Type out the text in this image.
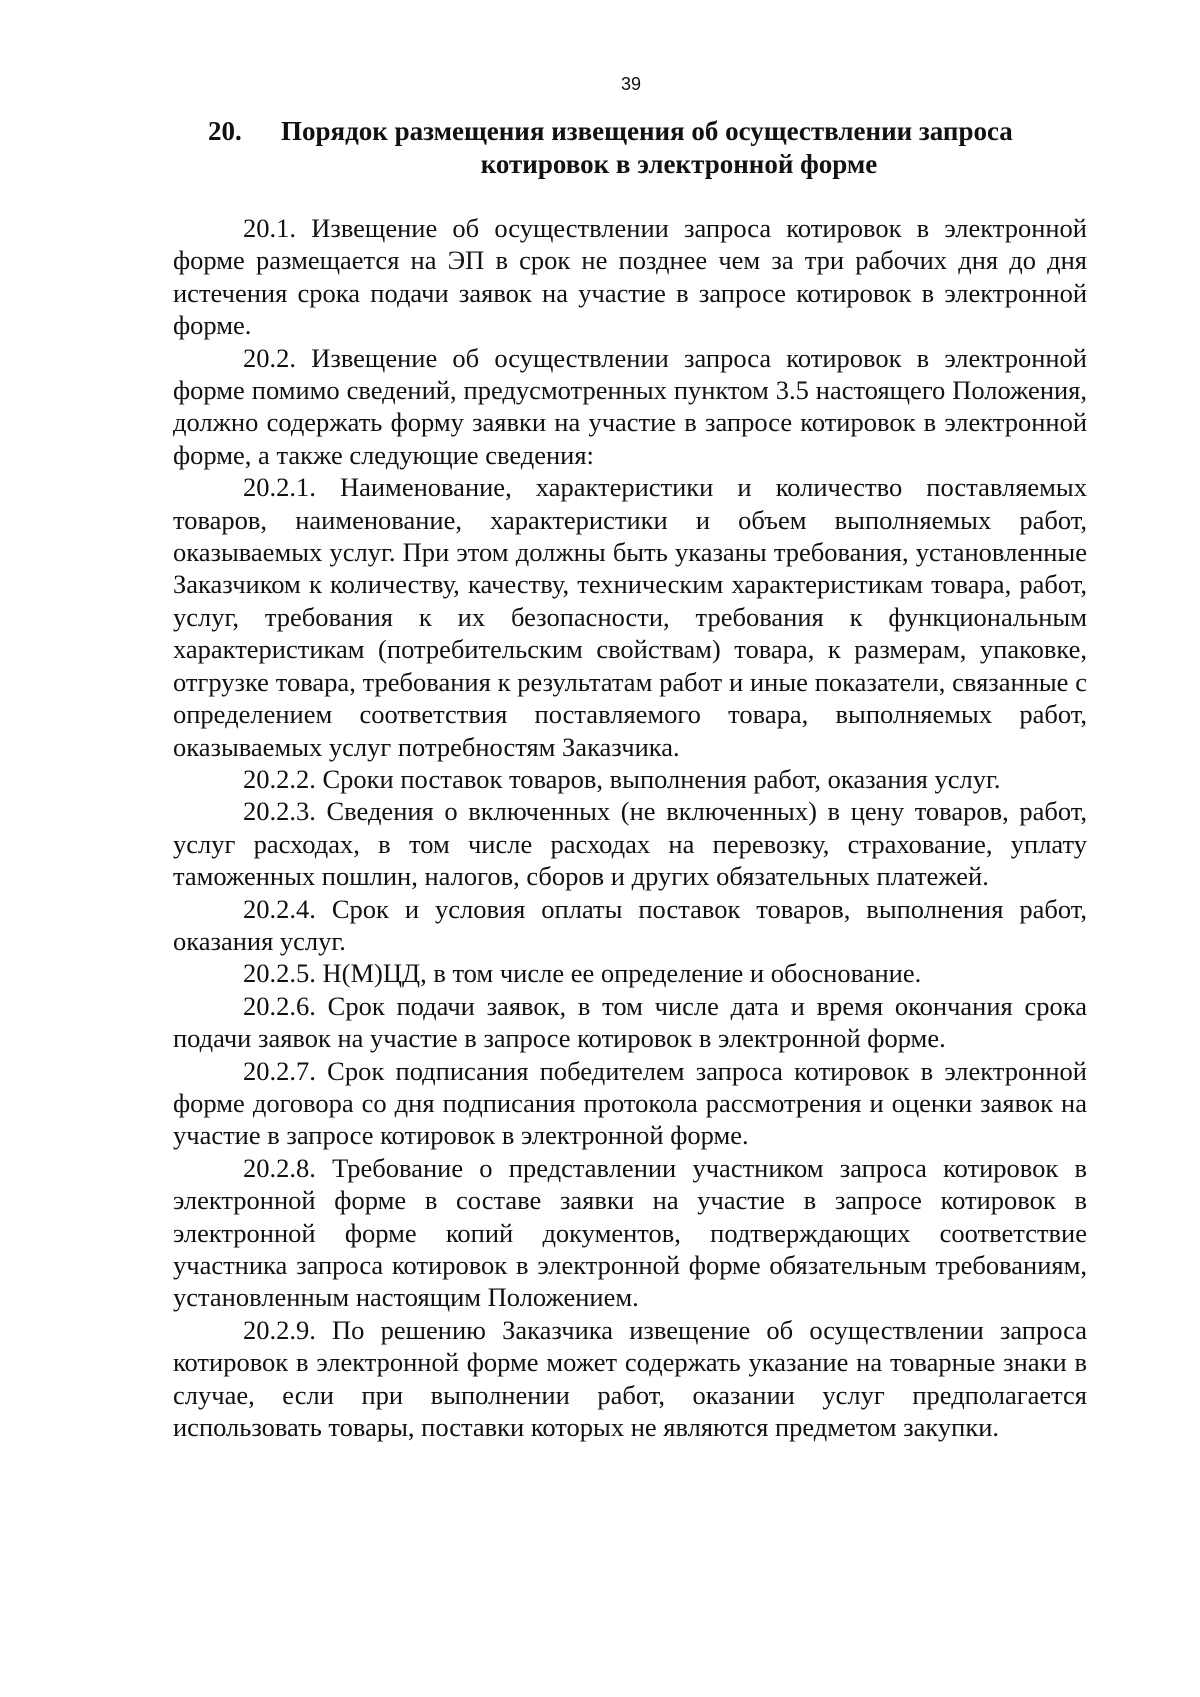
39
20. Порядок размещения извещения об осуществлении запроса
котировок в электронной форме

20.1. Извещение об осуществлении запроса котировок в электронной форме размещается на ЭП в срок не позднее чем за три рабочих дня до дня истечения срока подачи заявок на участие в запросе котировок в электронной форме.

20.2. Извещение об осуществлении запроса котировок в электронной форме помимо сведений, предусмотренных пунктом 3.5 настоящего Положения, должно содержать форму заявки на участие в запросе котировок в электронной форме, а также следующие сведения:

20.2.1. Наименование, характеристики и количество поставляемых товаров, наименование, характеристики и объем выполняемых работ, оказываемых услуг. При этом должны быть указаны требования, установленные Заказчиком к количеству, качеству, техническим характеристикам товара, работ, услуг, требования к их безопасности, требования к функциональным характеристикам (потребительским свойствам) товара, к размерам, упаковке, отгрузке товара, требования к результатам работ и иные показатели, связанные с определением соответствия поставляемого товара, выполняемых работ, оказываемых услуг потребностям Заказчика.

20.2.2. Сроки поставок товаров, выполнения работ, оказания услуг.

20.2.3. Сведения о включенных (не включенных) в цену товаров, работ, услуг расходах, в том числе расходах на перевозку, страхование, уплату таможенных пошлин, налогов, сборов и других обязательных платежей.

20.2.4. Срок и условия оплаты поставок товаров, выполнения работ, оказания услуг.

20.2.5. Н(М)ЦД, в том числе ее определение и обоснование.

20.2.6. Срок подачи заявок, в том числе дата и время окончания срока подачи заявок на участие в запросе котировок в электронной форме.

20.2.7. Срок подписания победителем запроса котировок в электронной форме договора со дня подписания протокола рассмотрения и оценки заявок на участие в запросе котировок в электронной форме.

20.2.8. Требование о представлении участником запроса котировок в электронной форме в составе заявки на участие в запросе котировок в электронной форме копий документов, подтверждающих соответствие участника запроса котировок в электронной форме обязательным требованиям, установленным настоящим Положением.

20.2.9. По решению Заказчика извещение об осуществлении запроса котировок в электронной форме может содержать указание на товарные знаки в случае, если при выполнении работ, оказании услуг предполагается использовать товары, поставки которых не являются предметом закупки.
